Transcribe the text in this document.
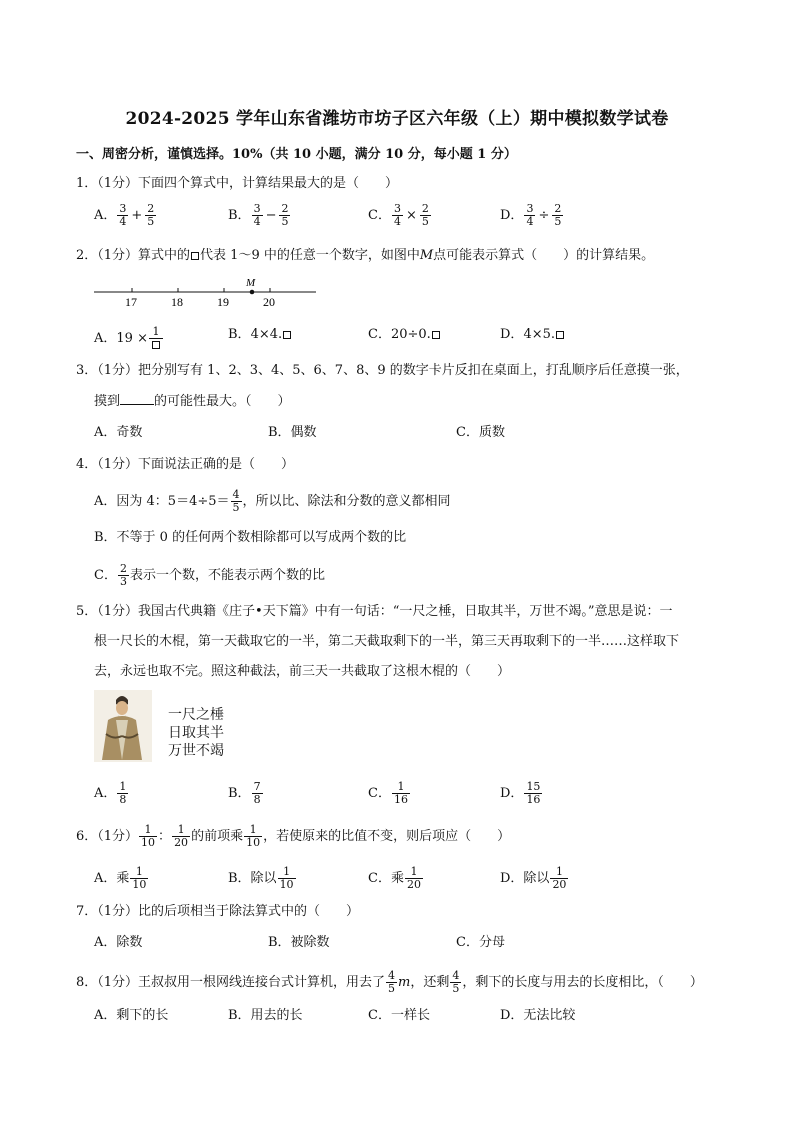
2024-2025 学年山东省潍坊市坊子区六年级（上）期中模拟数学试卷
一、周密分析，谨慎选择。10%（共 10 小题，满分 10 分，每小题 1 分）
1．（1分）下面四个算式中，计算结果最大的是（　　）
A． $\frac{3}{4} + \frac{2}{5}$	B． $\frac{3}{4} - \frac{2}{5}$	C． $\frac{3}{4} \times \frac{2}{5}$	D． $\frac{3}{4} \div \frac{2}{5}$
2．（1分）算式中的 代表 1～9 中的任意一个数字，如图中M点可能表示算式（　　）的计算结果。
M
17	18	19	20
A．19 × 1	B．4×4.	C．20÷0.	D．4×5.
3．（1分）把分别写有 1、2、3、4、5、6、7、8、9 的数字卡片反扣在桌面上，打乱顺序后任意摸一张，
摸到	的可能性最大。（　　）
A．奇数	B．偶数	C．质数
4．（1分）下面说法正确的是（　　）
A．因为 4：$5=4\div 5= \frac{4}{5}$ ，所以比、除法和分数的意义都相同
B．不等于 0 的任何两个数相除都可以写成两个数的比
C． $\frac{2}{3}$ 表示一个数，不能表示两个数的比
5．（1分）我国古代典籍《庄子•天下篇》中有一句话：“一尺之棰，日取其半，万世不竭。”意思是说：一
根一尺长的木棍，第一天截取它的一半，第二天截取剩下的一半，第三天再取剩下的一半……这样取下
去，永远也取不完。照这种截法，前三天一共截取了这根木棍的（　　）
一尺之棰
日取其半
万世不竭
A． $\frac{1}{8}$	B． $\frac{7}{8}$	C． $\frac{1}{16}$	D． $\frac{15}{16}$
6．（1分） $\frac{1}{10}$ ： $\frac{1}{20}$ 的前项乘 $\frac{1}{10}$ ，若使原来的比值不变，则后项应（　　）
A．乘 $\frac{1}{10}$	B．除以 $\frac{1}{10}$	C．乘 $\frac{1}{20}$	D．除以 $\frac{1}{20}$
7．（1分）比的后项相当于除法算式中的（　　）
A．除数	B．被除数	C．分母
8．（1分）王叔叔用一根网线连接台式计算机，用去了 $\frac{4}{5}$ m，还剩 $\frac{4}{5}$ ，剩下的长度与用去的长度相比，（　　）
A．剩下的长	B．用去的长	C．一样长	D．无法比较
